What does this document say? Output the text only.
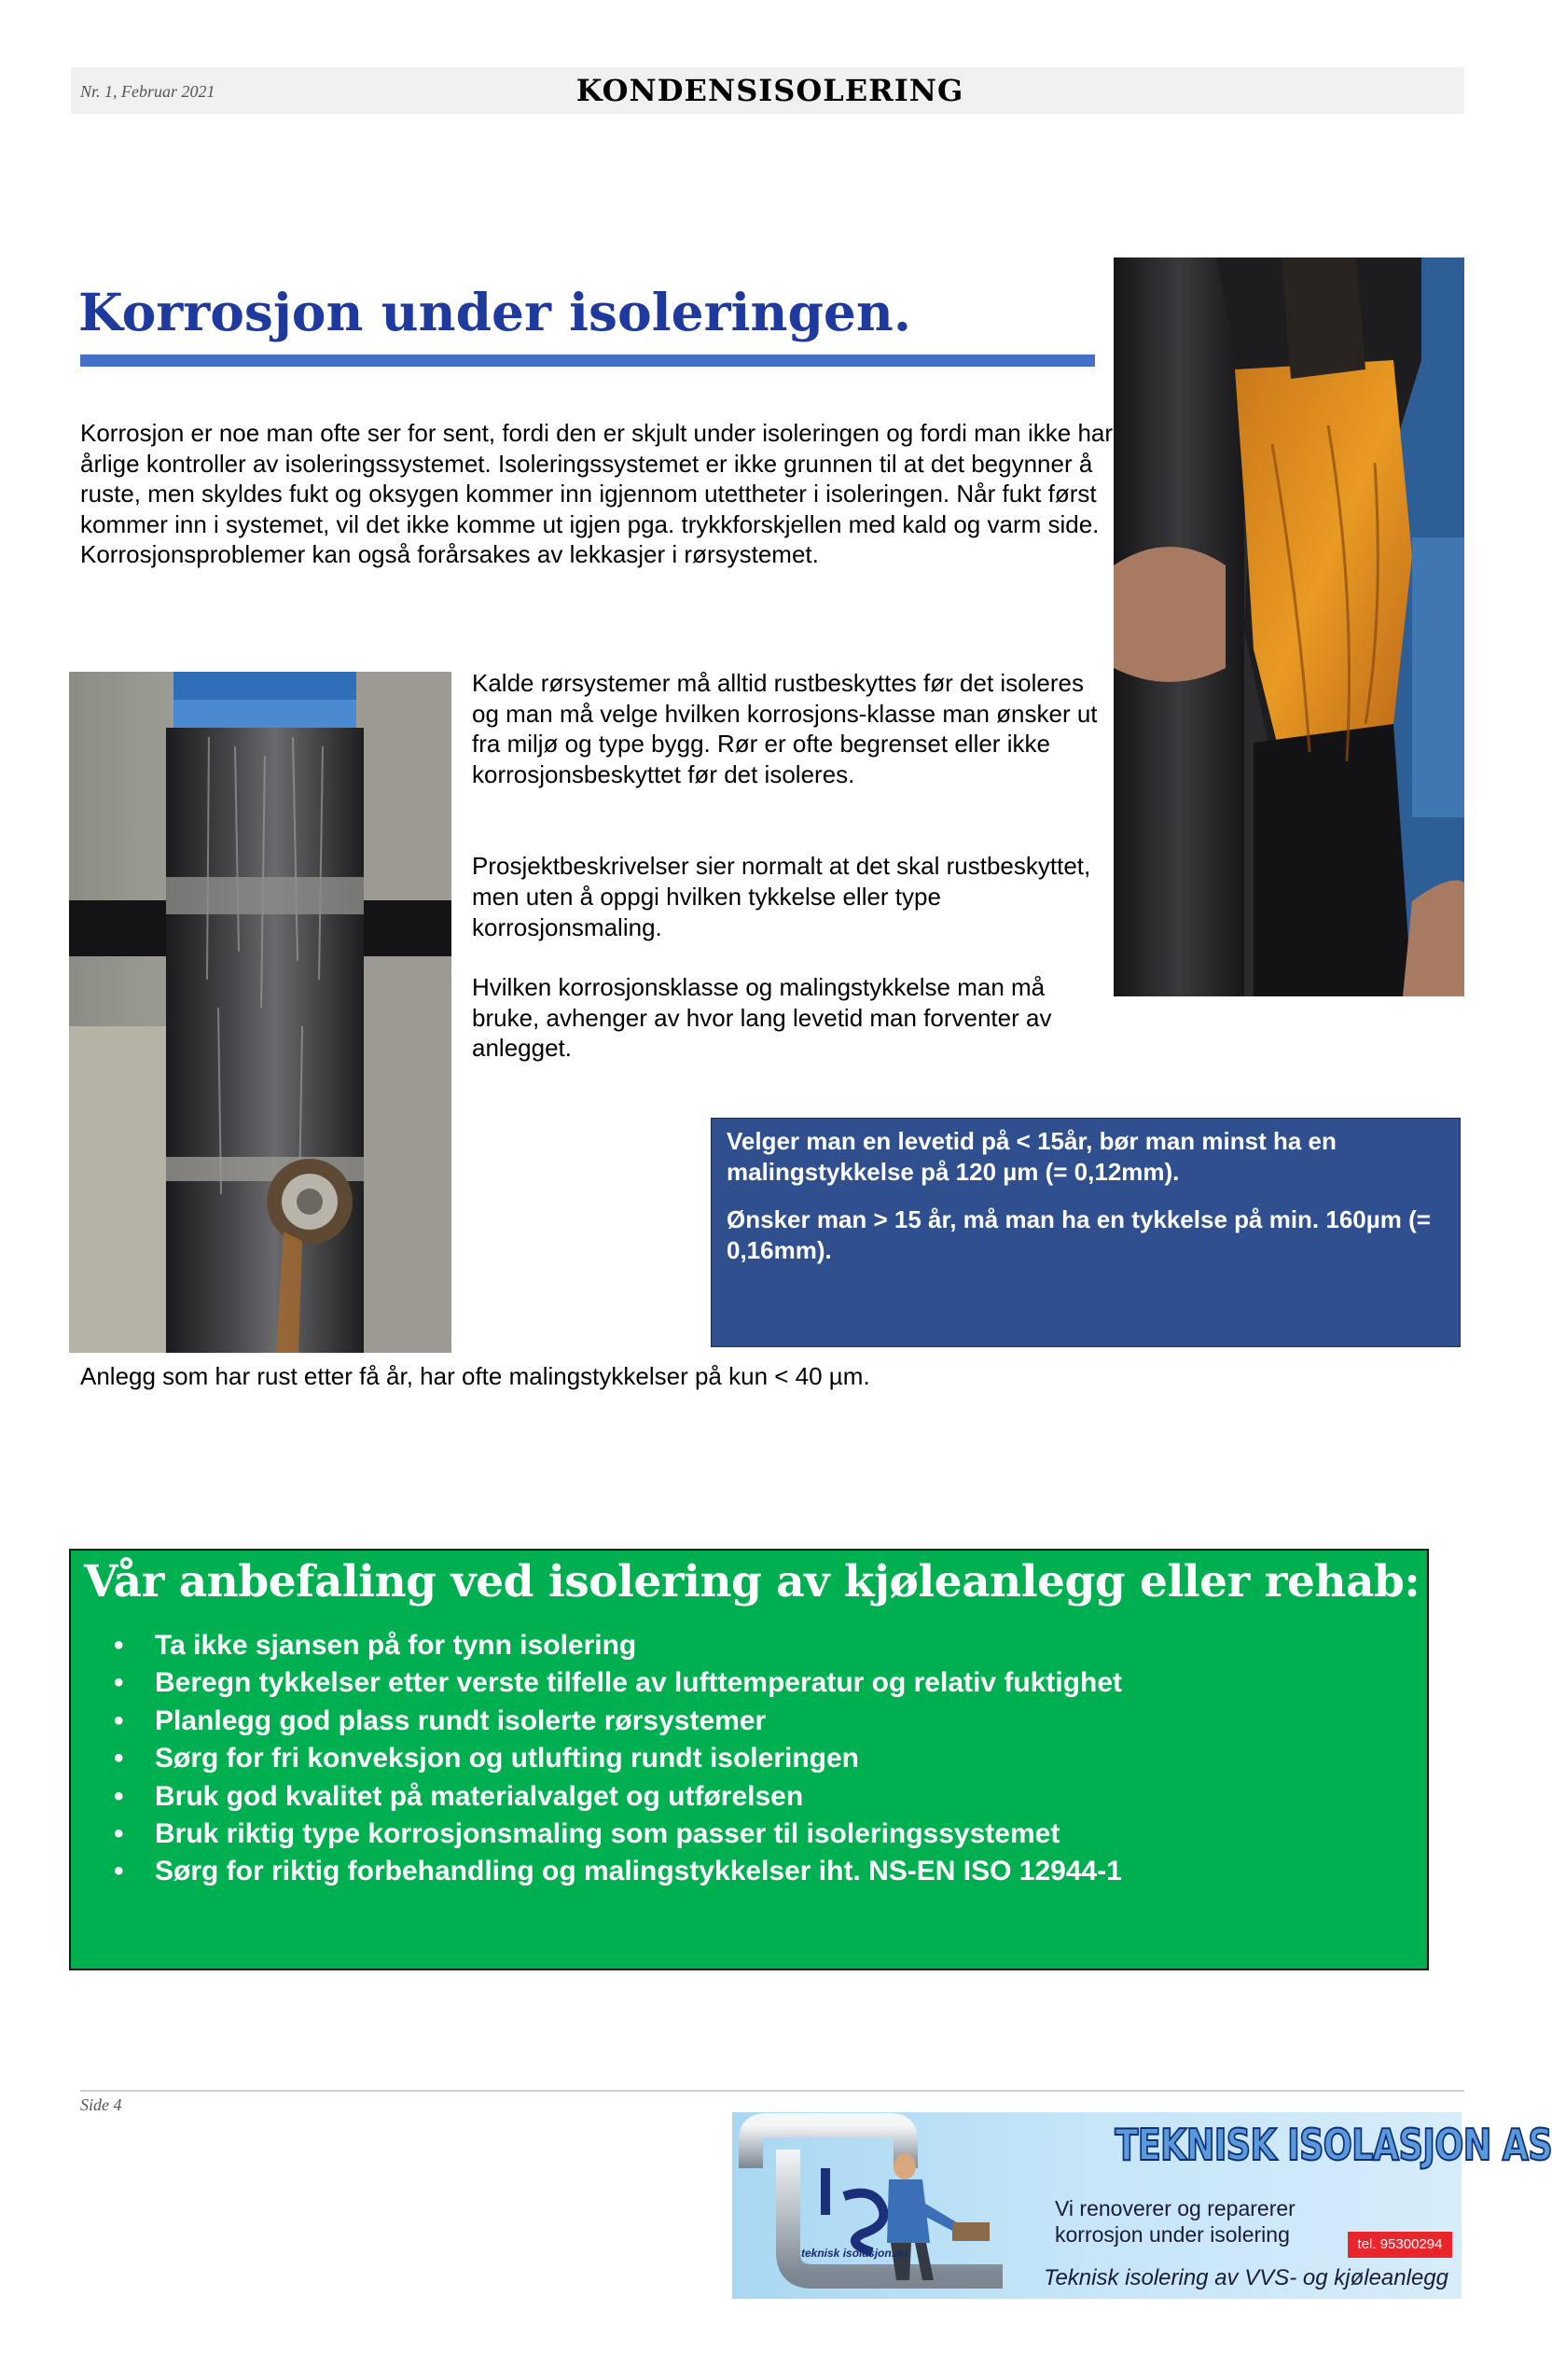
Nr. 1, Februar 2021	KONDENSISOLERING
Korrosjon under isoleringen.

Korrosjon er noe man ofte ser for sent, fordi den er skjult under isoleringen og fordi man ikke har årlige kontroller av isoleringssystemet. Isoleringssystemet er ikke grunnen til at det begynner å ruste, men skyldes fukt og oksygen kommer inn igjennom utettheter i isoleringen. Når fukt først kommer inn i systemet, vil det ikke komme ut igjen pga. trykkforskjellen med kald og varm side. Korrosjonsproblemer kan også forårsakes av lekkasjer i rørsystemet.

Kalde rørsystemer må alltid rustbeskyttes før det isoleres og man må velge hvilken korrosjons-klasse man ønsker ut fra miljø og type bygg. Rør er ofte begrenset eller ikke korrosjonsbeskyttet før det isoleres.

Prosjektbeskrivelser sier normalt at det skal rustbeskyttet, men uten å oppgi hvilken tykkelse eller type korrosjonsmaling.

Hvilken korrosjonsklasse og malingstykkelse man må bruke, avhenger av hvor lang levetid man forventer av anlegget.

Velger man en levetid på < 15år, bør man minst ha en malingstykkelse på 120 µm (= 0,12mm).

Ønsker man > 15 år, må man ha en tykkelse på min. 160µm (= 0,16mm).

Anlegg som har rust etter få år, har ofte malingstykkelser på kun < 40 µm.
Vår anbefaling ved isolering av kjøleanlegg eller rehab:
• Ta ikke sjansen på for tynn isolering
• Beregn tykkelser etter verste tilfelle av lufttemperatur og relativ fuktighet
• Planlegg god plass rundt isolerte rørsystemer
• Sørg for fri konveksjon og utlufting rundt isoleringen
• Bruk god kvalitet på materialvalget og utførelsen
• Bruk riktig type korrosjonsmaling som passer til isoleringssystemet
• Sørg for riktig forbehandling og malingstykkelser iht. NS-EN ISO 12944-1
Side 4
teknisk isolasjon.no
TEKNISK ISOLASJON AS
Vi renoverer og reparerer
korrosjon under isolering	tel. 95300294
Teknisk isolering av VVS- og kjøleanlegg
